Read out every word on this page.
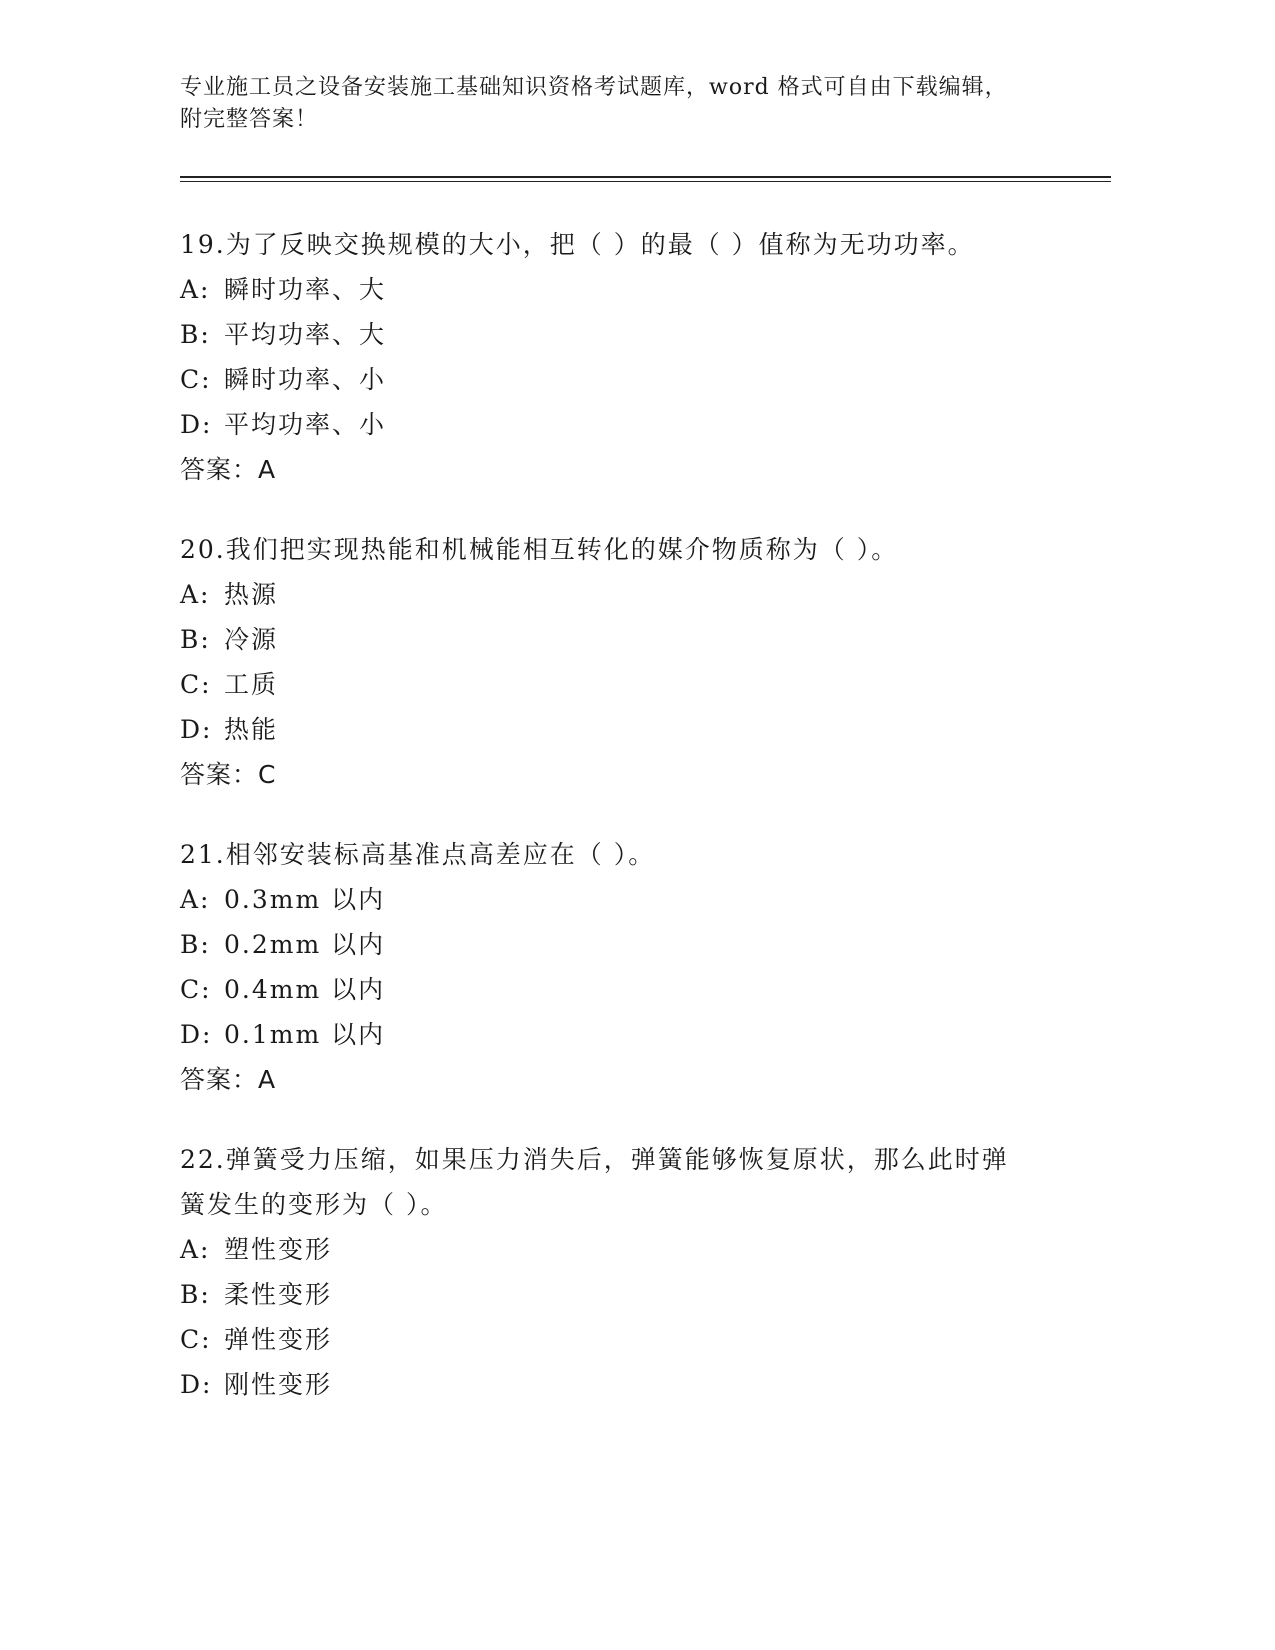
专业施工员之设备安装施工基础知识资格考试题库，word 格式可自由下载编辑，
附完整答案！
19.为了反映交换规模的大小，把（ ）的最（ ）值称为无功功率。
A: 瞬时功率、大
B: 平均功率、大
C: 瞬时功率、小
D: 平均功率、小
答案：A
20.我们把实现热能和机械能相互转化的媒介物质称为（ ）。
A: 热源
B: 冷源
C: 工质
D: 热能
答案：C
21.相邻安装标高基准点高差应在（ ）。
A: 0.3mm 以内
B: 0.2mm 以内
C: 0.4mm 以内
D: 0.1mm 以内
答案：A
22.弹簧受力压缩，如果压力消失后，弹簧能够恢复原状，那么此时弹
簧发生的变形为（ ）。
A: 塑性变形
B: 柔性变形
C: 弹性变形
D: 刚性变形
